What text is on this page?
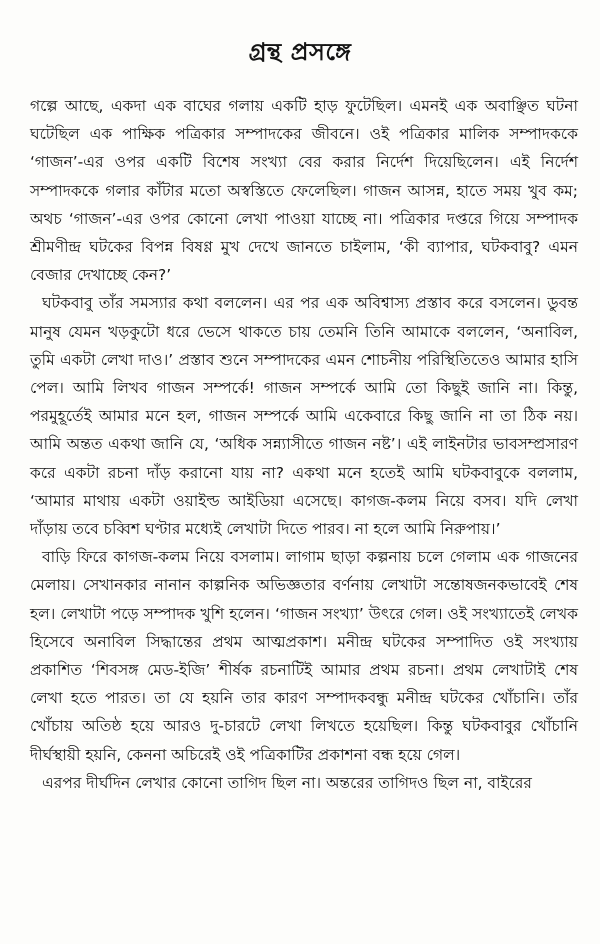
গ্রন্থ প্রসঙ্গে

গল্পে আছে, একদা এক বাঘের গলায় একটি হাড় ফুটেছিল। এমনই এক অবাঞ্ছিত ঘটনা ঘটেছিল এক পাক্ষিক পত্রিকার সম্পাদকের জীবনে। ওই পত্রিকার মালিক সম্পাদককে ‘গাজন’-এর ওপর একটি বিশেষ সংখ্যা বের করার নির্দেশ দিয়েছিলেন। এই নির্দেশ সম্পাদককে গলার কাঁটার মতো অস্বস্তিতে ফেলেছিল। গাজন আসন্ন, হাতে সময় খুব কম; অথচ ‘গাজন’-এর ওপর কোনো লেখা পাওয়া যাচ্ছে না। পত্রিকার দপ্তরে গিয়ে সম্পাদক শ্রীমণীন্দ্র ঘটকের বিপন্ন বিষণ্ণ মুখ দেখে জানতে চাইলাম, ‘কী ব্যাপার, ঘটকবাবু? এমন বেজার দেখাচ্ছে কেন?’

ঘটকবাবু তাঁর সমস্যার কথা বললেন। এর পর এক অবিশ্বাস্য প্রস্তাব করে বসলেন। ডুবন্ত মানুষ যেমন খড়কুটো ধরে ভেসে থাকতে চায় তেমনি তিনি আমাকে বললেন, ‘অনাবিল, তুমি একটা লেখা দাও।’ প্রস্তাব শুনে সম্পাদকের এমন শোচনীয় পরিস্থিতিতেও আমার হাসি পেল। আমি লিখব গাজন সম্পর্কে! গাজন সম্পর্কে আমি তো কিছুই জানি না। কিন্তু, পরমুহূর্তেই আমার মনে হল, গাজন সম্পর্কে আমি একেবারে কিছু জানি না তা ঠিক নয়। আমি অন্তত একথা জানি যে, ‘অধিক সন্ন্যাসীতে গাজন নষ্ট’। এই লাইনটার ভাবসম্প্রসারণ করে একটা রচনা দাঁড় করানো যায় না? একথা মনে হতেই আমি ঘটকবাবুকে বললাম, ‘আমার মাথায় একটা ওয়াইল্ড আইডিয়া এসেছে। কাগজ-কলম নিয়ে বসব। যদি লেখা দাঁড়ায় তবে চব্বিশ ঘণ্টার মধ্যেই লেখাটা দিতে পারব। না হলে আমি নিরুপায়।’

বাড়ি ফিরে কাগজ-কলম নিয়ে বসলাম। লাগাম ছাড়া কল্পনায় চলে গেলাম এক গাজনের মেলায়। সেখানকার নানান কাল্পনিক অভিজ্ঞতার বর্ণনায় লেখাটা সন্তোষজনকভাবেই শেষ হল। লেখাটা পড়ে সম্পাদক খুশি হলেন। ‘গাজন সংখ্যা’ উৎরে গেল। ওই সংখ্যাতেই লেখক হিসেবে অনাবিল সিদ্ধান্তের প্রথম আত্মপ্রকাশ। মনীন্দ্র ঘটকের সম্পাদিত ওই সংখ্যায় প্রকাশিত ‘শিবসঙ্গ মেড-ইজি’ শীর্ষক রচনাটিই আমার প্রথম রচনা। প্রথম লেখাটাই শেষ লেখা হতে পারত। তা যে হয়নি তার কারণ সম্পাদকবন্ধু মনীন্দ্র ঘটকের খোঁচানি। তাঁর খোঁচায় অতিষ্ঠ হয়ে আরও দু-চারটে লেখা লিখতে হয়েছিল। কিন্তু ঘটকবাবুর খোঁচানি দীর্ঘস্থায়ী হয়নি, কেননা অচিরেই ওই পত্রিকাটির প্রকাশনা বন্ধ হয়ে গেল।

এরপর দীর্ঘদিন লেখার কোনো তাগিদ ছিল না। অন্তরের তাগিদও ছিল না, বাইরের
